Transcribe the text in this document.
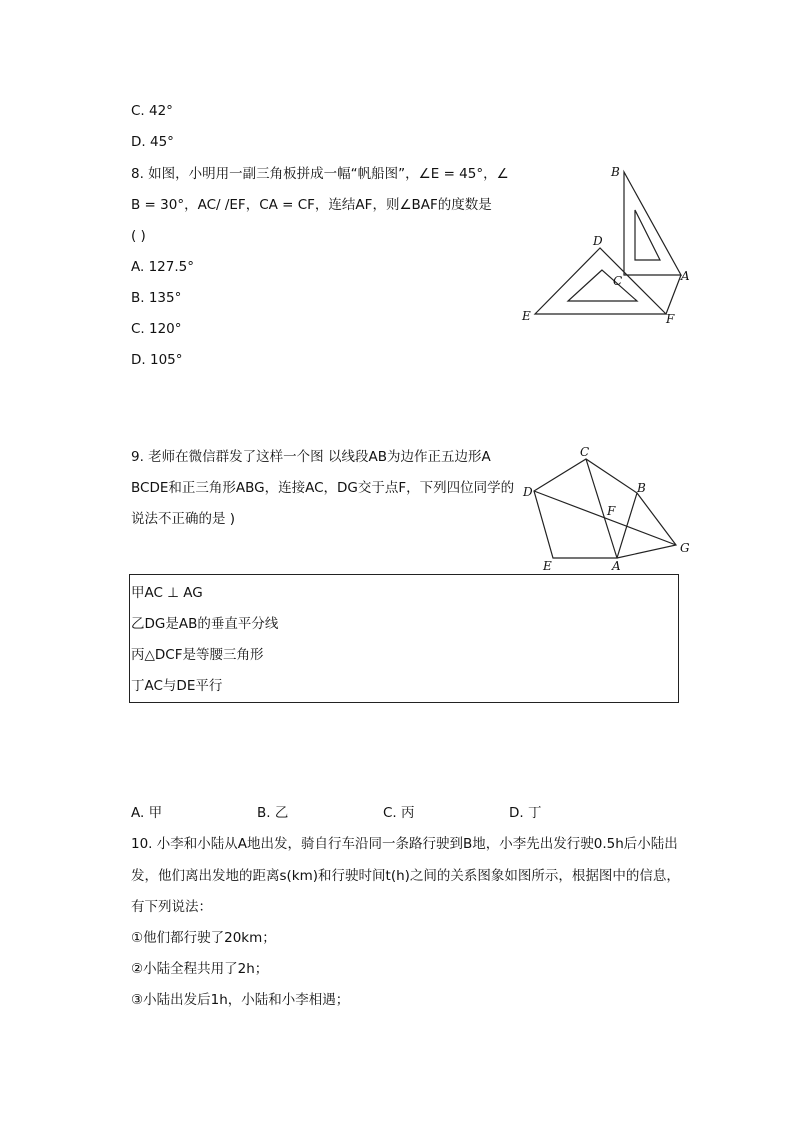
C. 42°
D. 45°
8. 如图，小明用一副三角板拼成一幅“帆船图”，∠E = 45°，∠
B = 30°，AC/ /EF，CA = CF，连结AF，则∠BAF的度数是
( )
A. 127.5°
B. 135°
C. 120°
D. 105°
B
D
C	A
E	F
9. 老师在微信群发了这样一个图 以线段AB为边作正五边形A
BCDE和正三角形ABG，连接AC，DG交于点F，下列四位同学的
说法不正确的是 )
C
D	B
F
G
E	A
甲AC ⊥ AG
乙DG是AB的垂直平分线
丙△DCF是等腰三角形
丁AC与DE平行
A. 甲	B. 乙	C. 丙	D. 丁
10. 小李和小陆从A地出发，骑自行车沿同一条路行驶到B地，小李先出发行驶0.5h后小陆出
发，他们离出发地的距离s(km)和行驶时间t(h)之间的关系图象如图所示，根据图中的信息，
有下列说法：
①他们都行驶了20km；
②小陆全程共用了2h；
③小陆出发后1h，小陆和小李相遇；
